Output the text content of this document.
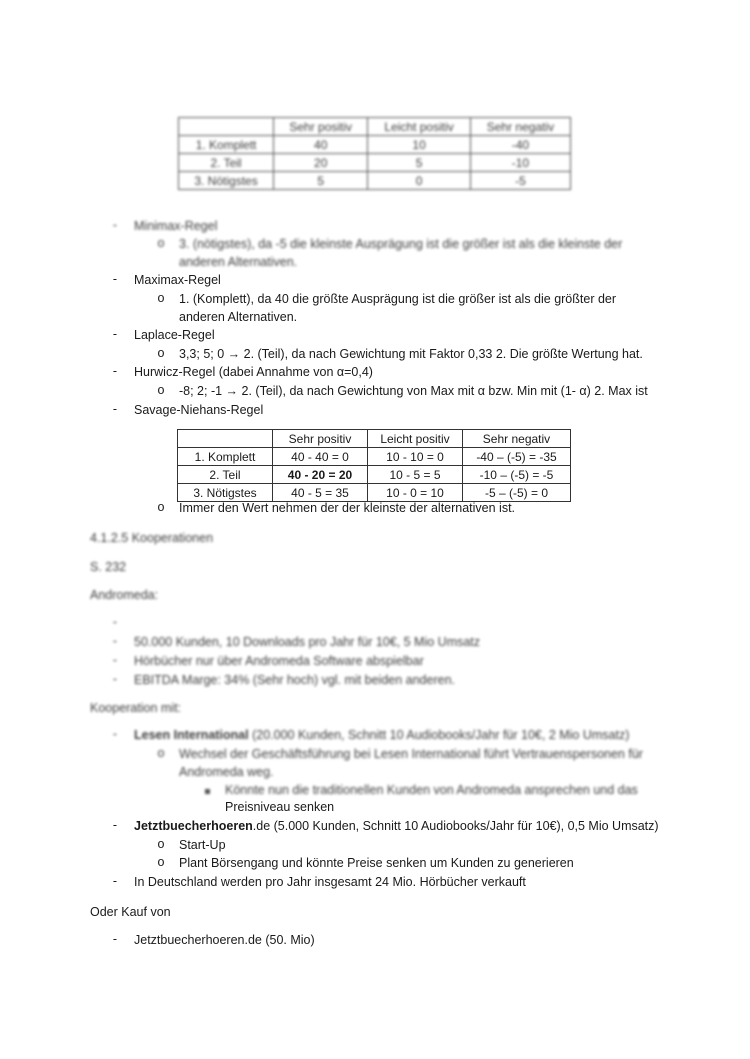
	Sehr positiv	Leicht positiv	Sehr negativ
1. Komplett	40	10	-40
2. Teil	20	5	-10
3. Nötigstes	5	0	-5
- Minimax-Regel
o 3. (nötigstes), da -5 die kleinste Ausprägung ist die größer ist als die kleinste der
anderen Alternativen.
- Maximax-Regel
o 1. (Komplett), da 40 die größte Ausprägung ist die größer ist als die größter der
anderen Alternativen.
- Laplace-Regel
o 3,3; 5; 0 → 2. (Teil), da nach Gewichtung mit Faktor 0,33 2. Die größte Wertung hat.
- Hurwicz-Regel (dabei Annahme von α=0,4)
o -8; 2; -1 → 2. (Teil), da nach Gewichtung von Max mit α bzw. Min mit (1- α) 2. Max ist
- Savage-Niehans-Regel
	Sehr positiv	Leicht positiv	Sehr negativ
1. Komplett	40 - 40 = 0	10 - 10 = 0	-40 – (-5) = -35
2. Teil	40 - 20 = 20	10 - 5 = 5	-10 – (-5) = -5
3. Nötigstes	40 - 5 = 35	10 - 0 = 10	-5 – (-5) = 0
o Immer den Wert nehmen der der kleinste der alternativen ist.
4.1.2.5 Kooperationen
S. 232
Andromeda:
-
- 50.000 Kunden, 10 Downloads pro Jahr für 10€, 5 Mio Umsatz
- Hörbücher nur über Andromeda Software abspielbar
- EBITDA Marge: 34% (Sehr hoch) vgl. mit beiden anderen.
Kooperation mit:
- Lesen International (20.000 Kunden, Schnitt 10 Audiobooks/Jahr für 10€, 2 Mio Umsatz)
o Wechsel der Geschäftsführung bei Lesen International führt Vertrauenspersonen für
Andromeda weg.
Könnte nun die traditionellen Kunden von Andromeda ansprechen und das
Preisniveau senken
- Jetztbuecherhoeren.de (5.000 Kunden, Schnitt 10 Audiobooks/Jahr für 10€), 0,5 Mio Umsatz)
o Start-Up
o Plant Börsengang und könnte Preise senken um Kunden zu generieren
- In Deutschland werden pro Jahr insgesamt 24 Mio. Hörbücher verkauft
Oder Kauf von
- Jetztbuecherhoeren.de (50. Mio)
